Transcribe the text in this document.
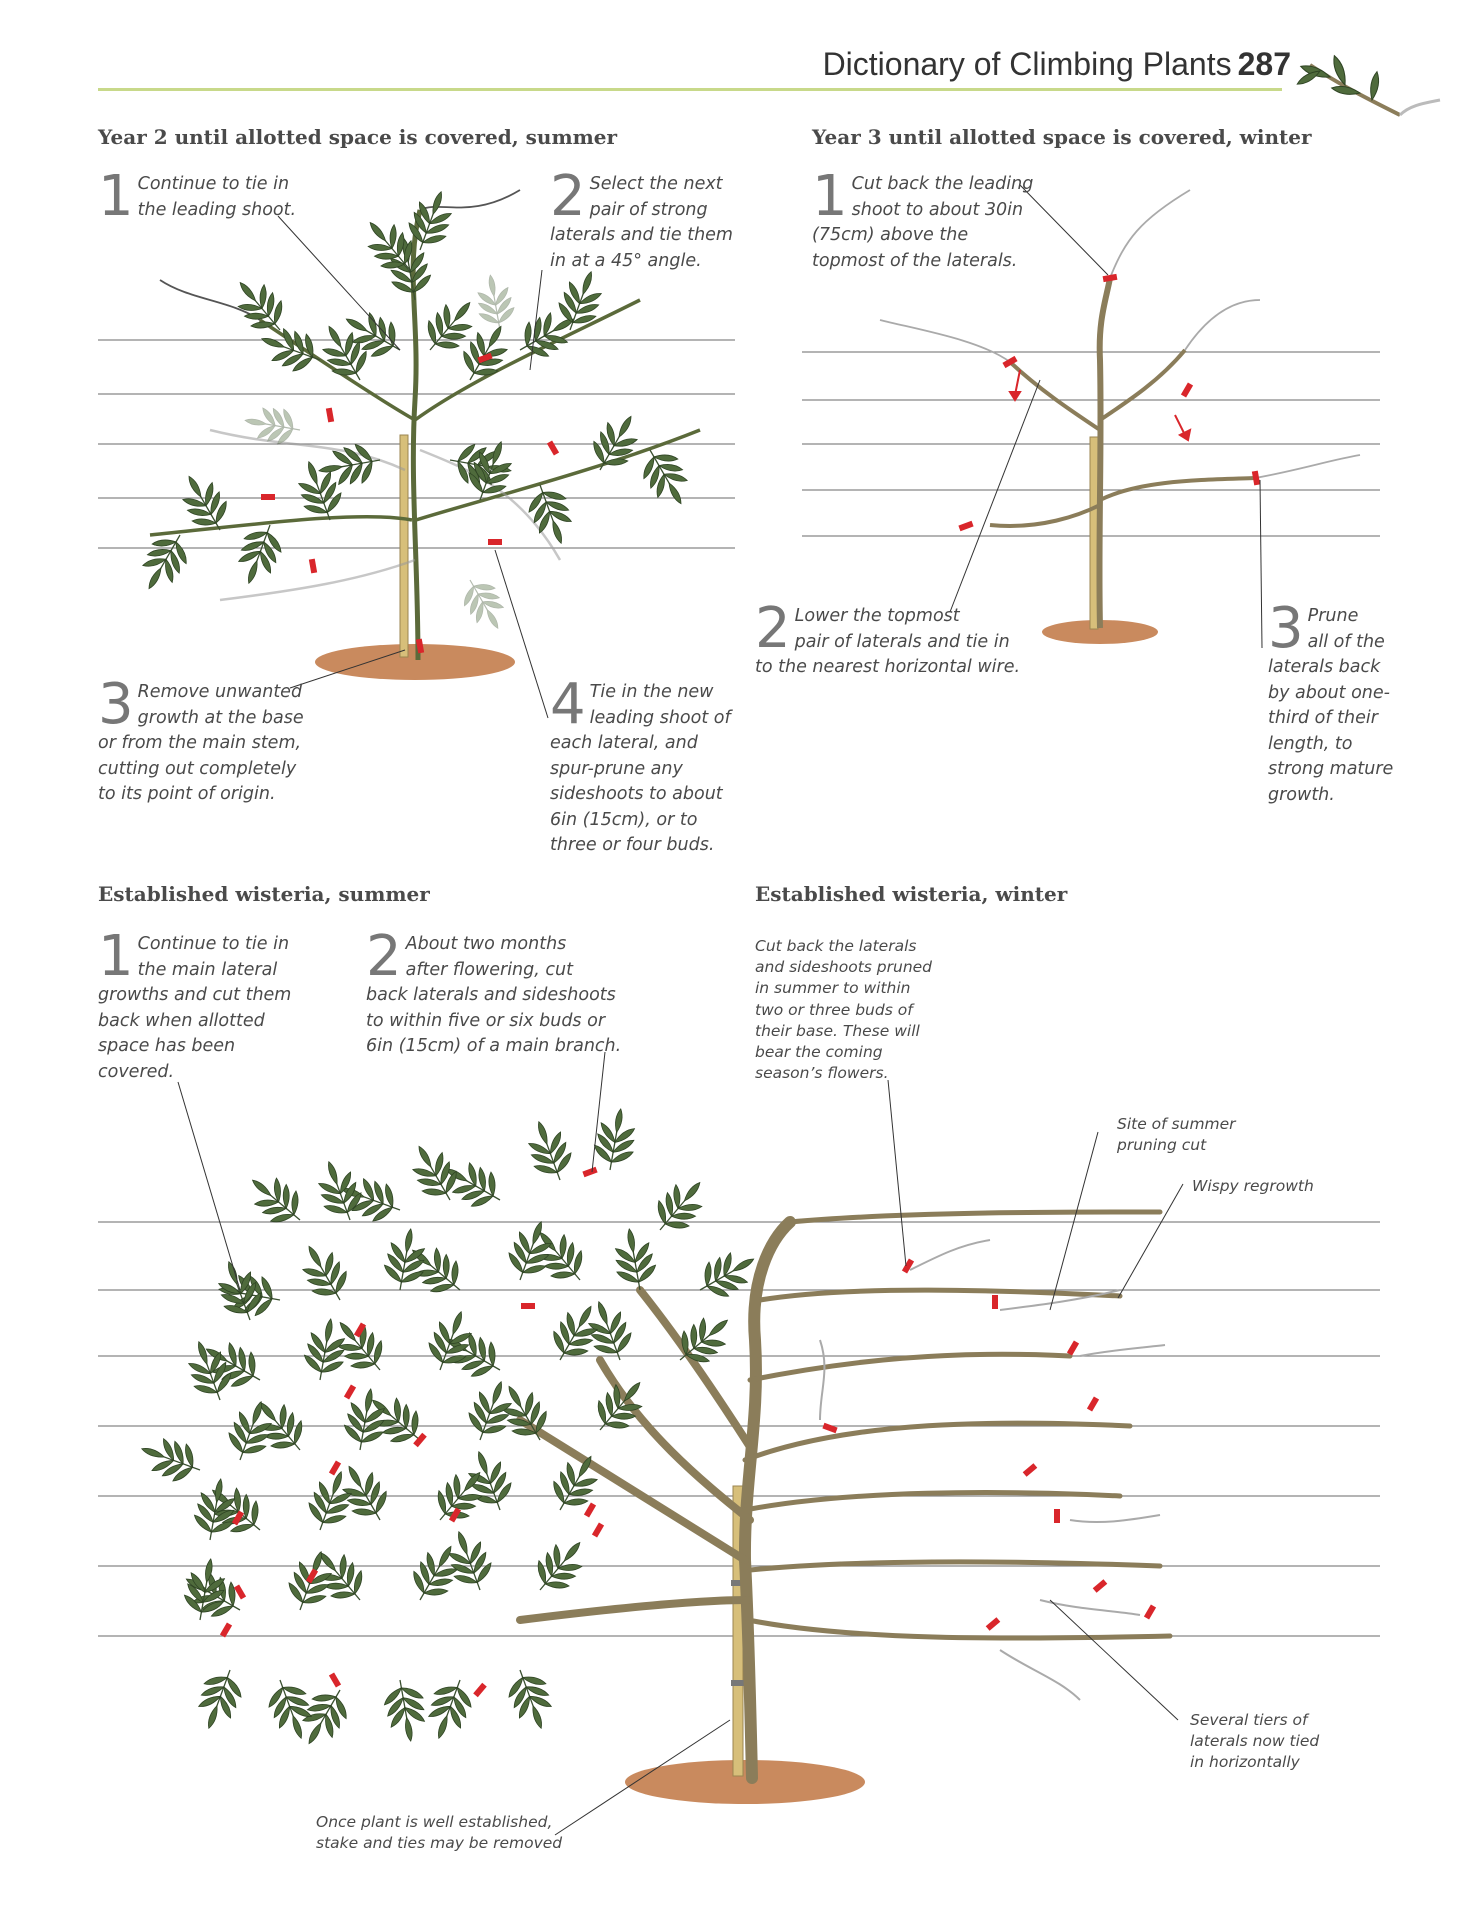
Dictionary of Climbing Plants 287
Year 2 until allotted space is covered, summer	Year 3 until allotted space is covered, winter
Established wisteria, summer	Established wisteria, winter
1 Continue to tie in
the leading shoot.	2 Select the next
pair of strong
laterals and tie them
in at a 45° angle.
3 Remove unwanted
growth at the base
or from the main stem,
cutting out completely
to its point of origin.
4 Tie in the new
leading shoot of
each lateral, and
spur-prune any
sideshoots to about
6in (15cm), or to
three or four buds.
1 Cut back the leading
shoot to about 30in
(75cm) above the
topmost of the laterals.
2 Lower the topmost
pair of laterals and tie in
to the nearest horizontal wire.
3 Prune
all of the
laterals back
by about one-
third of their
length, to
strong mature
growth.
1 Continue to tie in
the main lateral
growths and cut them
back when allotted
space has been
covered.
2 About two months
after flowering, cut
back laterals and sideshoots
to within five or six buds or
6in (15cm) of a main branch.
Cut back the laterals
and sideshoots pruned
in summer to within
two or three buds of
their base. These will
bear the coming
season’s flowers.
Site of summer
pruning cut
Wispy regrowth
Several tiers of
laterals now tied
in horizontally
Once plant is well established,
stake and ties may be removed
